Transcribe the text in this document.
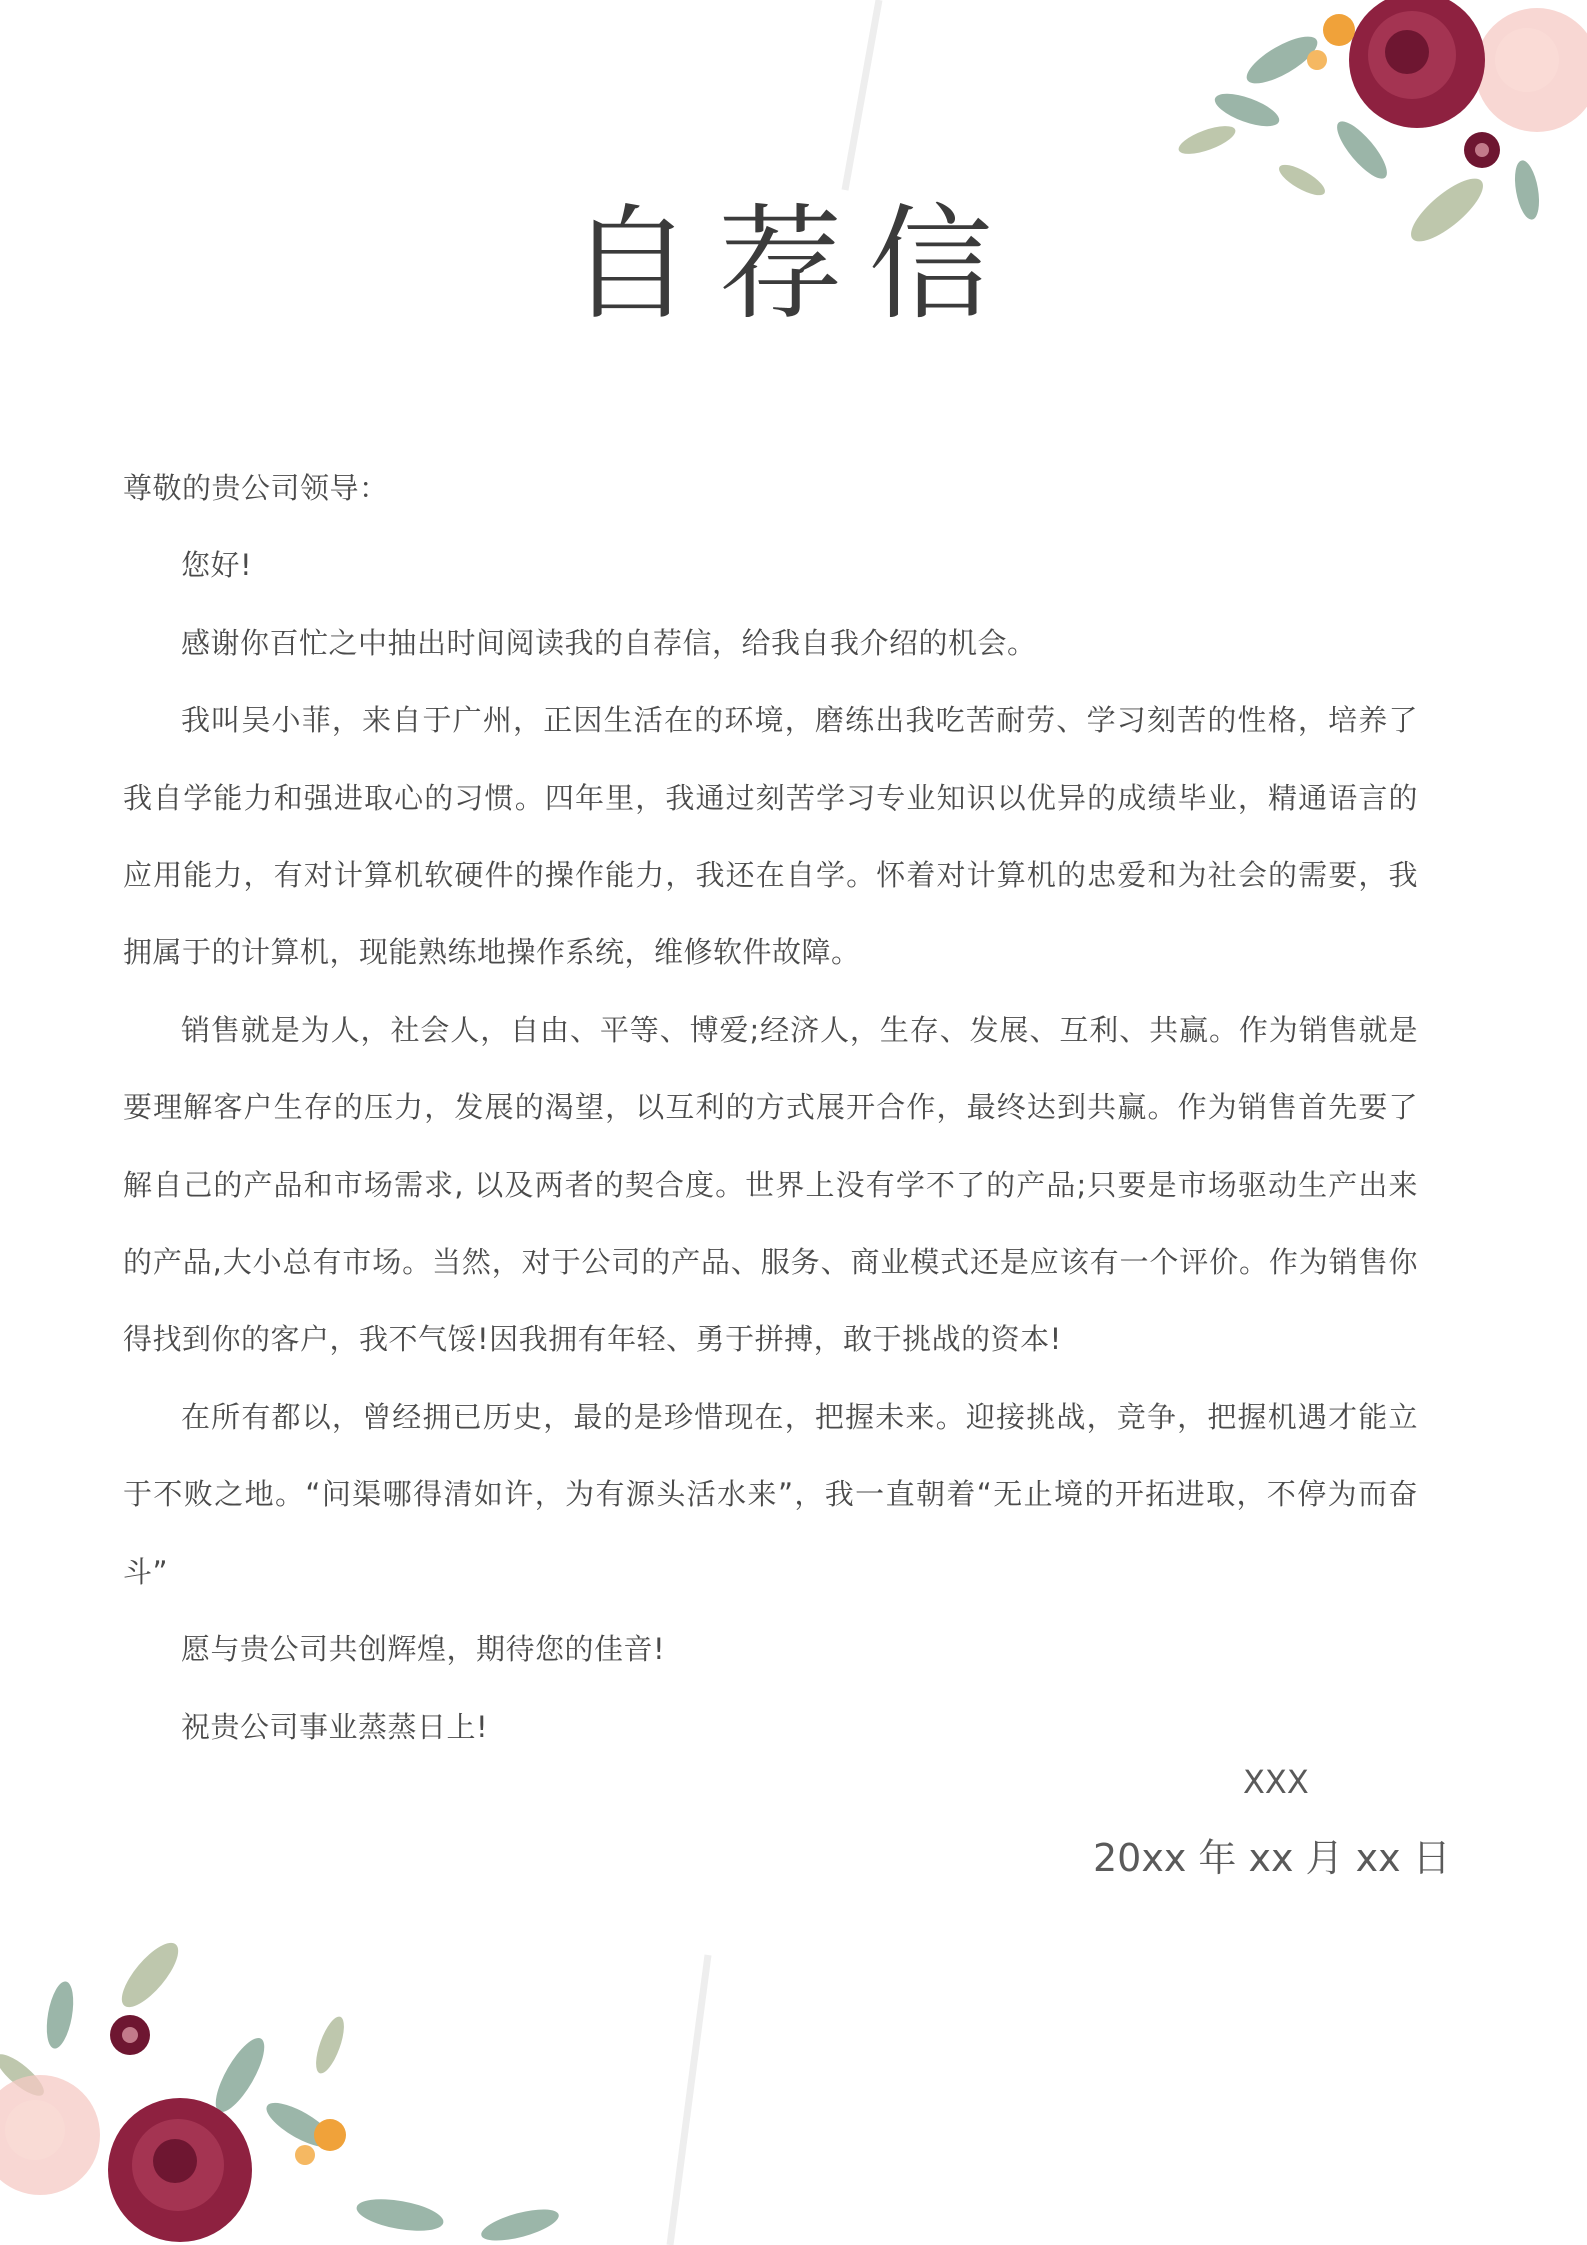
自荐信

尊敬的贵公司领导：

您好!

感谢你百忙之中抽出时间阅读我的自荐信，给我自我介绍的机会。

我叫吴小菲，来自于广州，正因生活在的环境，磨练出我吃苦耐劳、学习刻苦的性格，培养了我自学能力和强进取心的习惯。四年里，我通过刻苦学习专业知识以优异的成绩毕业，精通语言的应用能力，有对计算机软硬件的操作能力，我还在自学。怀着对计算机的忠爱和为社会的需要，我拥属于的计算机，现能熟练地操作系统，维修软件故障。

销售就是为人，社会人，自由、平等、博爱;经济人，生存、发展、互利、共赢。作为销售就是要理解客户生存的压力，发展的渴望，以互利的方式展开合作，最终达到共赢。作为销售首先要了解自己的产品和市场需求, 以及两者的契合度。世界上没有学不了的产品;只要是市场驱动生产出来的产品,大小总有市场。当然，对于公司的产品、服务、商业模式还是应该有一个评价。作为销售你得找到你的客户，我不气馁!因我拥有年轻、勇于拼搏，敢于挑战的资本!

在所有都以，曾经拥已历史，最的是珍惜现在，把握未来。迎接挑战，竞争，把握机遇才能立于不败之地。“问渠哪得清如许，为有源头活水来”，我一直朝着“无止境的开拓进取，不停为而奋斗”

愿与贵公司共创辉煌，期待您的佳音!

祝贵公司事业蒸蒸日上!

XXX
20xx 年 xx 月 xx 日
